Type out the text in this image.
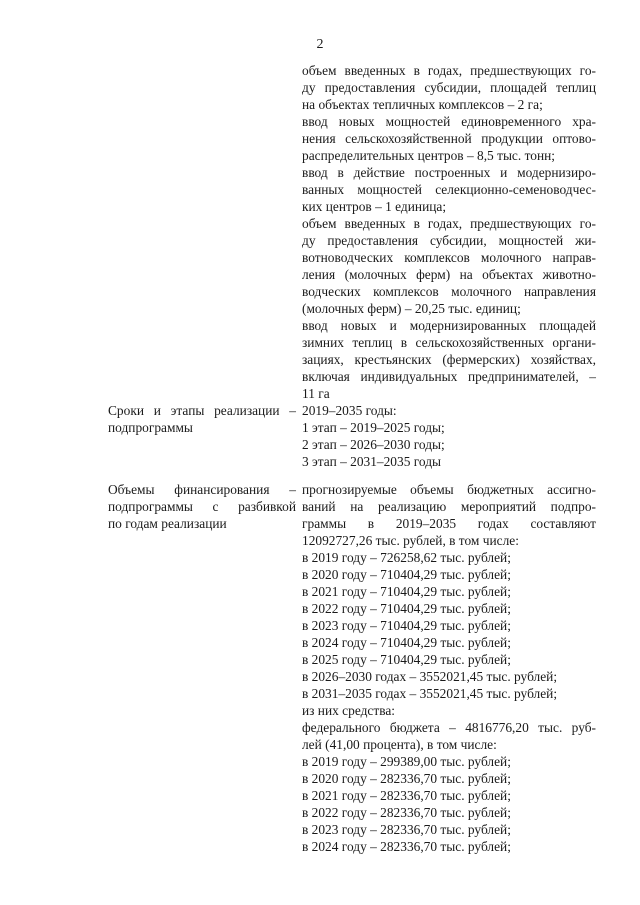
2
объем введенных в годах, предшествующих го-
ду предоставления субсидии, площадей теплиц
на объектах тепличных комплексов – 2 га;
ввод новых мощностей единовременного хра-
нения сельскохозяйственной продукции оптово-
распределительных центров – 8,5 тыс. тонн;
ввод в действие построенных и модернизиро-
ванных мощностей селекционно-семеноводчес-
ких центров – 1 единица;
объем введенных в годах, предшествующих го-
ду предоставления субсидии, мощностей жи-
вотноводческих комплексов молочного направ-
ления (молочных ферм) на объектах животно-
водческих комплексов молочного направления
(молочных ферм) – 20,25 тыс. единиц;
ввод новых и модернизированных площадей
зимних теплиц в сельскохозяйственных органи-
зациях, крестьянских (фермерских) хозяйствах,
включая индивидуальных предпринимателей, –
11 га
Сроки и этапы реализации –
подпрограммы
2019–2035 годы:
1 этап – 2019–2025 годы;
2 этап – 2026–2030 годы;
3 этап – 2031–2035 годы
Объемы финансирования –
подпрограммы с разбивкой
по годам реализации
прогнозируемые объемы бюджетных ассигно-
ваний на реализацию мероприятий подпро-
граммы в 2019–2035 годах составляют
12092727,26 тыс. рублей, в том числе:
в 2019 году – 726258,62 тыс. рублей;
в 2020 году – 710404,29 тыс. рублей;
в 2021 году – 710404,29 тыс. рублей;
в 2022 году – 710404,29 тыс. рублей;
в 2023 году – 710404,29 тыс. рублей;
в 2024 году – 710404,29 тыс. рублей;
в 2025 году – 710404,29 тыс. рублей;
в 2026–2030 годах – 3552021,45 тыс. рублей;
в 2031–2035 годах – 3552021,45 тыс. рублей;
из них средства:
федерального бюджета – 4816776,20 тыс. руб-
лей (41,00 процента), в том числе:
в 2019 году – 299389,00 тыс. рублей;
в 2020 году – 282336,70 тыс. рублей;
в 2021 году – 282336,70 тыс. рублей;
в 2022 году – 282336,70 тыс. рублей;
в 2023 году – 282336,70 тыс. рублей;
в 2024 году – 282336,70 тыс. рублей;
